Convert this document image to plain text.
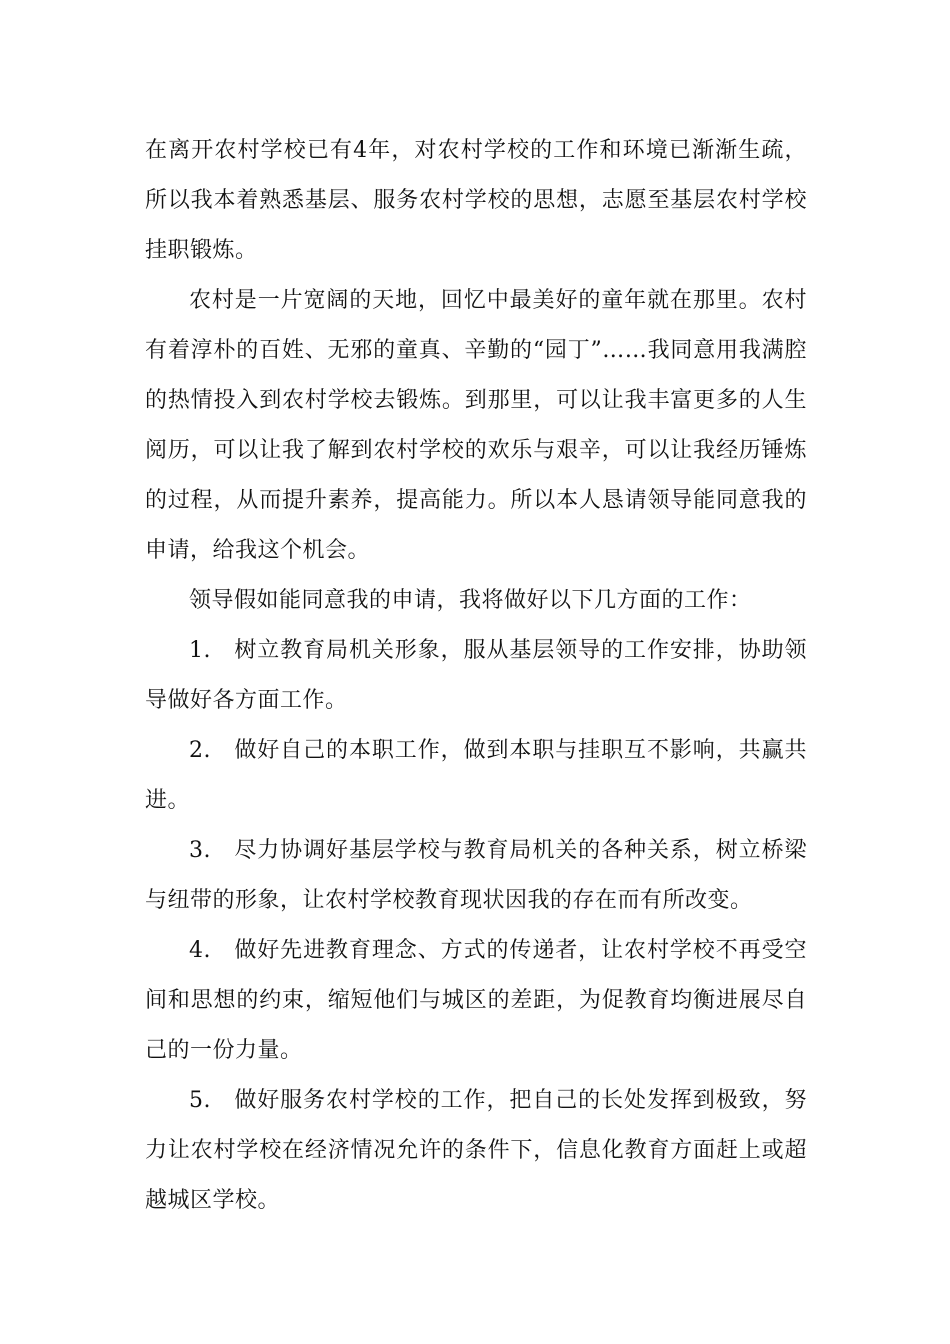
在离开农村学校已有4年，对农村学校的工作和环境已渐渐生疏，所以我本着熟悉基层、服务农村学校的思想，志愿至基层农村学校挂职锻炼。

农村是一片宽阔的天地，回忆中最美好的童年就在那里。农村有着淳朴的百姓、无邪的童真、辛勤的“园丁”……我同意用我满腔的热情投入到农村学校去锻炼。到那里，可以让我丰富更多的人生阅历，可以让我了解到农村学校的欢乐与艰辛，可以让我经历锤炼的过程，从而提升素养，提高能力。所以本人恳请领导能同意我的申请，给我这个机会。

领导假如能同意我的申请，我将做好以下几方面的工作：

1.　树立教育局机关形象，服从基层领导的工作安排，协助领导做好各方面工作。

2.　做好自己的本职工作，做到本职与挂职互不影响，共赢共进。

3.　尽力协调好基层学校与教育局机关的各种关系，树立桥梁与纽带的形象，让农村学校教育现状因我的存在而有所改变。

4.　做好先进教育理念、方式的传递者，让农村学校不再受空间和思想的约束，缩短他们与城区的差距，为促教育均衡进展尽自己的一份力量。

5.　做好服务农村学校的工作，把自己的长处发挥到极致，努力让农村学校在经济情况允许的条件下，信息化教育方面赶上或超越城区学校。
